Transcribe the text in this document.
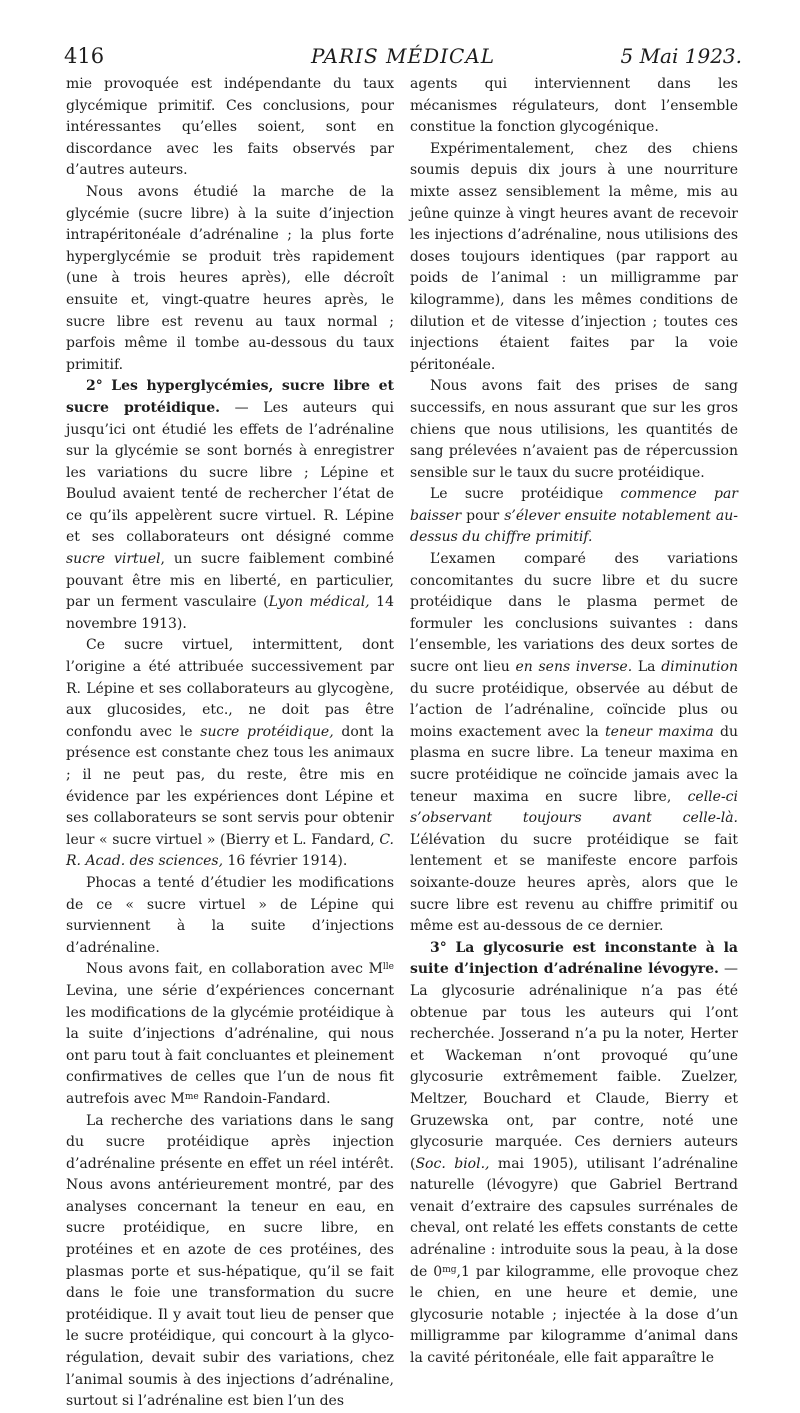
416	PARIS MÉDICAL	5 Mai 1923.

mie provoquée est indépendante du taux glycémique primitif. Ces conclusions, pour intéressantes qu’elles soient, sont en discordance avec les faits observés par d’autres auteurs.

Nous avons étudié la marche de la glycémie (sucre libre) à la suite d’injection intrapéritonéale d’adrénaline ; la plus forte hyperglycémie se produit très rapidement (une à trois heures après), elle décroît ensuite et, vingt-quatre heures après, le sucre libre est revenu au taux normal ; parfois même il tombe au-dessous du taux primitif.

2° Les hyperglycémies, sucre libre et sucre protéidique. — Les auteurs qui jusqu’ici ont étudié les effets de l’adrénaline sur la glycémie se sont bornés à enregistrer les variations du sucre libre ; Lépine et Boulud avaient tenté de rechercher l’état de ce qu’ils appelèrent sucre virtuel. R. Lépine et ses collaborateurs ont désigné comme sucre virtuel, un sucre faiblement combiné pouvant être mis en liberté, en particulier, par un ferment vasculaire (Lyon médical, 14 novembre 1913).

Ce sucre virtuel, intermittent, dont l’origine a été attribuée successivement par R. Lépine et ses collaborateurs au glycogène, aux glucosides, etc., ne doit pas être confondu avec le sucre protéidique, dont la présence est constante chez tous les animaux ; il ne peut pas, du reste, être mis en évidence par les expériences dont Lépine et ses collaborateurs se sont servis pour obtenir leur « sucre virtuel » (Bierry et L. Fandard, C. R. Acad. des sciences, 16 février 1914).

Phocas a tenté d’étudier les modifications de ce « sucre virtuel » de Lépine qui surviennent à la suite d’injections d’adrénaline.

Nous avons fait, en collaboration avec $M^{lle}$ Levina, une série d’expériences concernant les modifications de la glycémie protéidique à la suite d’injections d’adrénaline, qui nous ont paru tout à fait concluantes et pleinement confirmatives de celles que l’un de nous fit autrefois avec $M^{me}$ Randoin-Fandard.

La recherche des variations dans le sang du sucre protéidique après injection d’adrénaline présente en effet un réel intérêt. Nous avons antérieurement montré, par des analyses concernant la teneur en eau, en sucre protéidique, en sucre libre, en protéines et en azote de ces protéines, des plasmas porte et sus-hépatique, qu’il se fait dans le foie une transformation du sucre protéidique. Il y avait tout lieu de penser que le sucre protéidique, qui concourt à la glyco-régulation, devait subir des variations, chez l’animal soumis à des injections d’adrénaline, surtout si l’adrénaline est bien l’un des

agents qui interviennent dans les mécanismes régulateurs, dont l’ensemble constitue la fonction glycogénique.

Expérimentalement, chez des chiens soumis depuis dix jours à une nourriture mixte assez sensiblement la même, mis au jeûne quinze à vingt heures avant de recevoir les injections d’adrénaline, nous utilisions des doses toujours identiques (par rapport au poids de l’animal : un milligramme par kilogramme), dans les mêmes conditions de dilution et de vitesse d’injection ; toutes ces injections étaient faites par la voie péritonéale.

Nous avons fait des prises de sang successifs, en nous assurant que sur les gros chiens que nous utilisions, les quantités de sang prélevées n’avaient pas de répercussion sensible sur le taux du sucre protéidique.

Le sucre protéidique commence par baisser pour s’élever ensuite notablement au-dessus du chiffre primitif.

L’examen comparé des variations concomitantes du sucre libre et du sucre protéidique dans le plasma permet de formuler les conclusions suivantes : dans l’ensemble, les variations des deux sortes de sucre ont lieu en sens inverse. La diminution du sucre protéidique, observée au début de l’action de l’adrénaline, coïncide plus ou moins exactement avec la teneur maxima du plasma en sucre libre. La teneur maxima en sucre protéidique ne coïncide jamais avec la teneur maxima en sucre libre, celle-ci s’observant toujours avant celle-là. L’élévation du sucre protéidique se fait lentement et se manifeste encore parfois soixante-douze heures après, alors que le sucre libre est revenu au chiffre primitif ou même est au-dessous de ce dernier.

3° La glycosurie est inconstante à la suite d’injection d’adrénaline lévogyre. — La glycosurie adrénalinique n’a pas été obtenue par tous les auteurs qui l’ont recherchée. Josserand n’a pu la noter, Herter et Wackeman n’ont provoqué qu’une glycosurie extrêmement faible. Zuelzer, Meltzer, Bouchard et Claude, Bierry et Gruzewska ont, par contre, noté une glycosurie marquée. Ces derniers auteurs (Soc. biol., mai 1905), utilisant l’adrénaline naturelle (lévogyre) que Gabriel Bertrand venait d’extraire des capsules surrénales de cheval, ont relaté les effets constants de cette adrénaline : introduite sous la peau, à la dose de $0^{mg},1$ par kilogramme, elle provoque chez le chien, en une heure et demie, une glycosurie notable ; injectée à la dose d’un milligramme par kilogramme d’animal dans la cavité péritonéale, elle fait apparaître le
